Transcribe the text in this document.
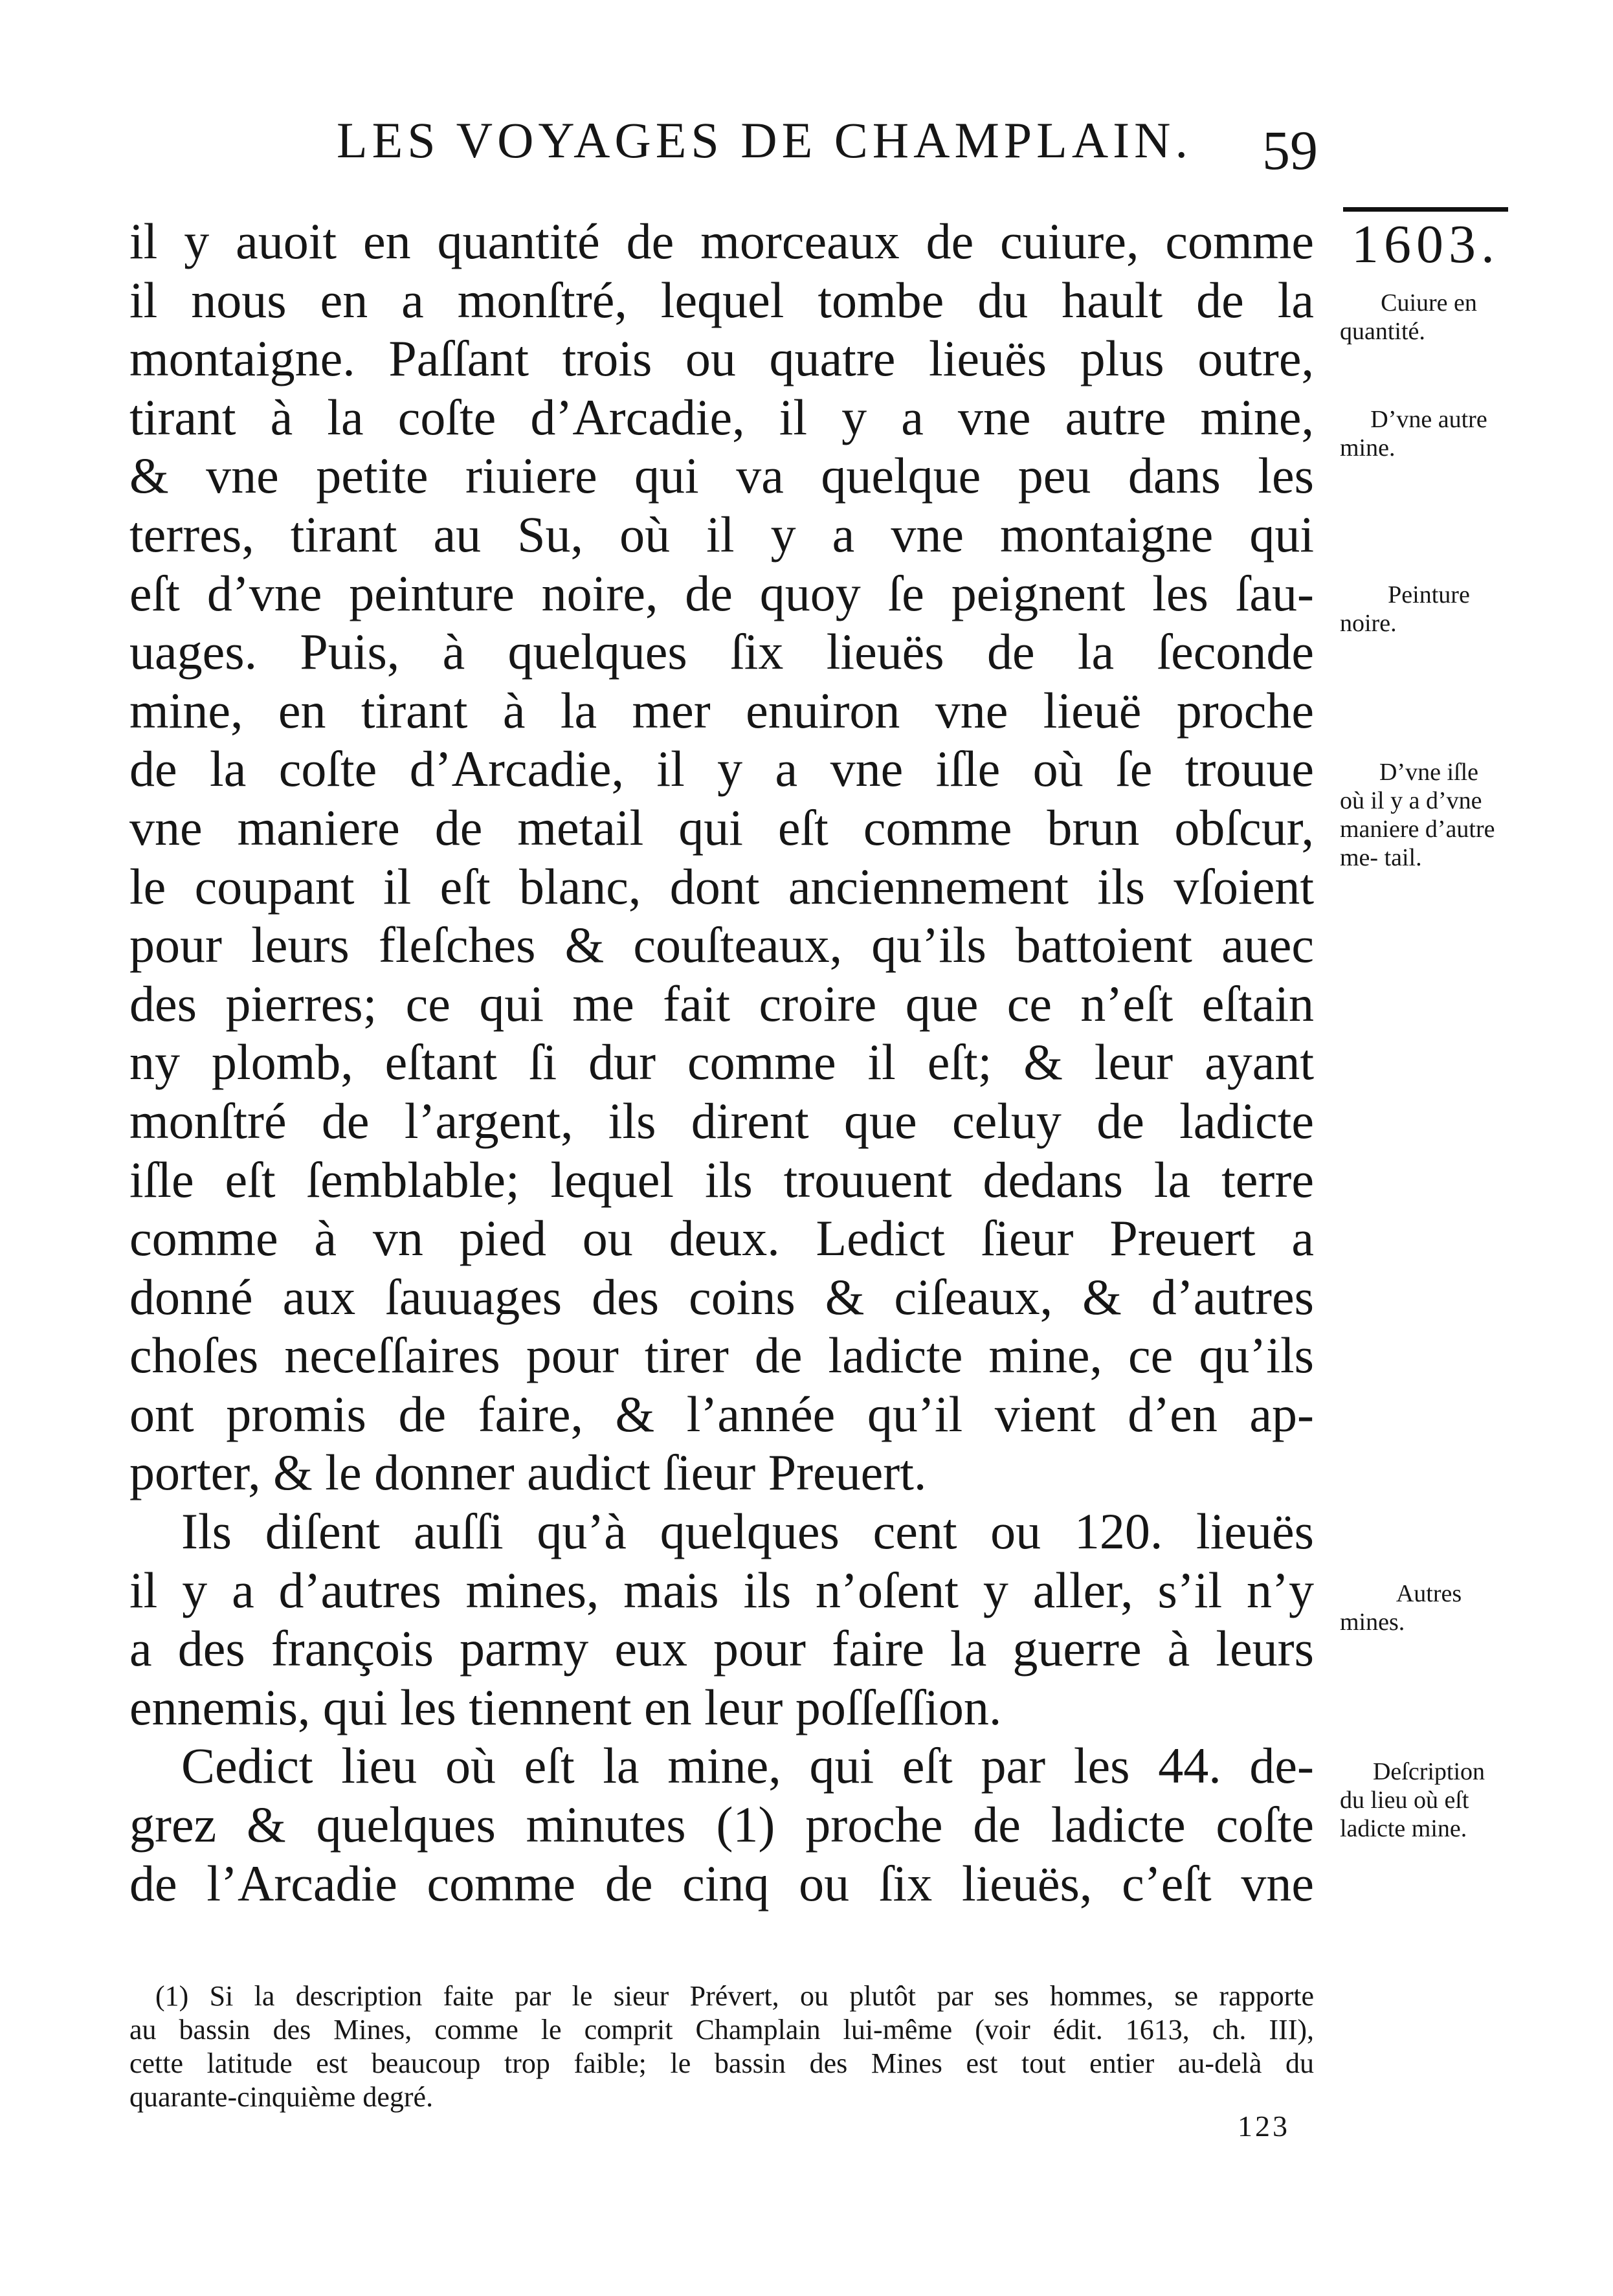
LES VOYAGES DE CHAMPLAIN. 59
1603.
il y auoit en quantité de morceaux de cuiure, comme
il nous en a monſtré, lequel tombe du hault de la
montaigne. Paſſant trois ou quatre lieuës plus outre,
tirant à la coſte d’Arcadie, il y a vne autre mine,
& vne petite riuiere qui va quelque peu dans les
terres, tirant au Su, où il y a vne montaigne qui
eſt d’vne peinture noire, de quoy ſe peignent les ſau-
uages. Puis, à quelques ſix lieuës de la ſeconde
mine, en tirant à la mer enuiron vne lieuë proche
de la coſte d’Arcadie, il y a vne iſle où ſe trouue
vne maniere de metail qui eſt comme brun obſcur,
le coupant il eſt blanc, dont anciennement ils vſoient
pour leurs fleſches & couſteaux, qu’ils battoient auec
des pierres; ce qui me fait croire que ce n’eſt eſtain
ny plomb, eſtant ſi dur comme il eſt; & leur ayant
monſtré de l’argent, ils dirent que celuy de ladicte
iſle eſt ſemblable; lequel ils trouuent dedans la terre
comme à vn pied ou deux. Ledict ſieur Preuert a
donné aux ſauuages des coins & ciſeaux, & d’autres
choſes neceſſaires pour tirer de ladicte mine, ce qu’ils
ont promis de faire, & l’année qu’il vient d’en ap-
porter, & le donner audict ſieur Preuert.
Ils diſent auſſi qu’à quelques cent ou 120. lieuës
il y a d’autres mines, mais ils n’oſent y aller, s’il n’y
a des françois parmy eux pour faire la guerre à leurs
ennemis, qui les tiennent en leur poſſeſſion.
Cedict lieu où eſt la mine, qui eſt par les 44. de-
grez & quelques minutes (1) proche de ladicte coſte
de l’Arcadie comme de cinq ou ſix lieuës, c’eſt vne
Cuiure en
quantité.
D’vne autre
mine.
Peinture
noire.
D’vne iſle
où il y a d’vne maniere d’autre me- tail.
Autres
mines.
Deſcription
du lieu où eſt ladicte mine.
(1) Si la description faite par le sieur Prévert, ou plutôt par ses hommes, se rapporte
au bassin des Mines, comme le comprit Champlain lui-même (voir édit. 1613, ch. III),
cette latitude est beaucoup trop faible; le bassin des Mines est tout entier au-delà du
quarante-cinquième degré.
123
